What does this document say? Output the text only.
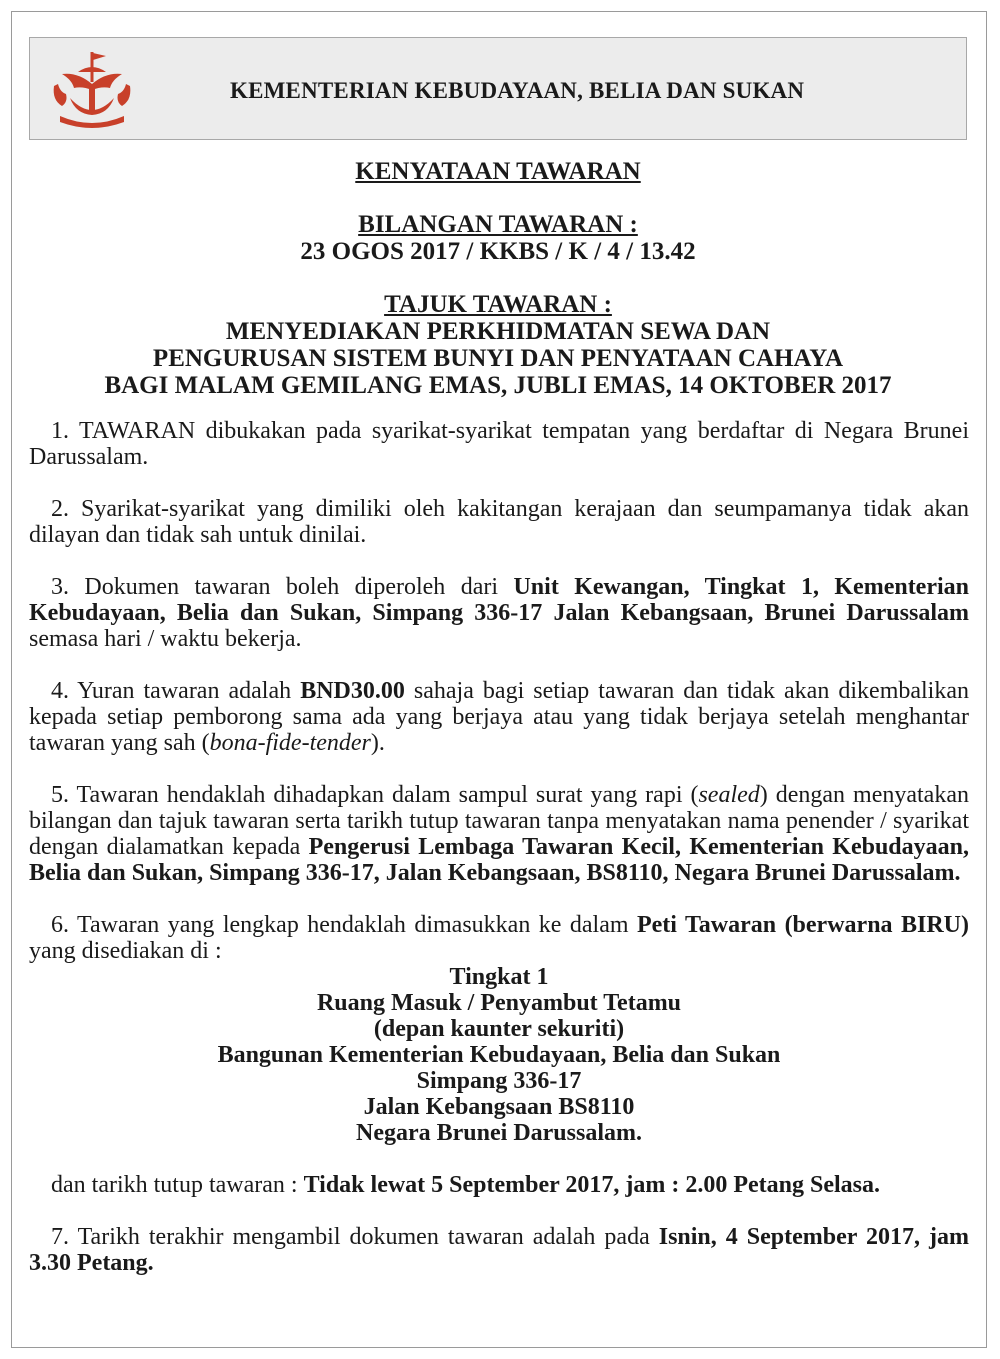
KEMENTERIAN KEBUDAYAAN, BELIA DAN SUKAN

KENYATAAN TAWARAN

BILANGAN TAWARAN :

23 OGOS 2017 / KKBS / K / 4 / 13.42

TAJUK TAWARAN :

MENYEDIAKAN PERKHIDMATAN SEWA DAN

PENGURUSAN SISTEM BUNYI DAN PENYATAAN CAHAYA

BAGI MALAM GEMILANG EMAS, JUBLI EMAS, 14 OKTOBER 2017

1. TAWARAN dibukakan pada syarikat-syarikat tempatan yang berdaftar di Negara Brunei Darussalam.

2. Syarikat-syarikat yang dimiliki oleh kakitangan kerajaan dan seumpamanya tidak akan dilayan dan tidak sah untuk dinilai.

3. Dokumen tawaran boleh diperoleh dari Unit Kewangan, Tingkat 1, Kementerian Kebudayaan, Belia dan Sukan, Simpang 336-17 Jalan Kebangsaan, Brunei Darussalam semasa hari / waktu bekerja.

4. Yuran tawaran adalah BND30.00 sahaja bagi setiap tawaran dan tidak akan dikembalikan kepada setiap pemborong sama ada yang berjaya atau yang tidak berjaya setelah menghantar tawaran yang sah (bona-fide-tender).

5. Tawaran hendaklah dihadapkan dalam sampul surat yang rapi (sealed) dengan menyatakan bilangan dan tajuk tawaran serta tarikh tutup tawaran tanpa menyatakan nama penender / syarikat dengan dialamatkan kepada Pengerusi Lembaga Tawaran Kecil, Kementerian Kebudayaan, Belia dan Sukan, Simpang 336-17, Jalan Kebangsaan, BS8110, Negara Brunei Darussalam.

6. Tawaran yang lengkap hendaklah dimasukkan ke dalam Peti Tawaran (berwarna BIRU) yang disediakan di :

Tingkat 1
Ruang Masuk / Penyambut Tetamu
(depan kaunter sekuriti)
Bangunan Kementerian Kebudayaan, Belia dan Sukan
Simpang 336-17
Jalan Kebangsaan BS8110
Negara Brunei Darussalam.

dan tarikh tutup tawaran : Tidak lewat 5 September 2017, jam : 2.00 Petang Selasa.

7. Tarikh terakhir mengambil dokumen tawaran adalah pada Isnin, 4 September 2017, jam 3.30 Petang.
